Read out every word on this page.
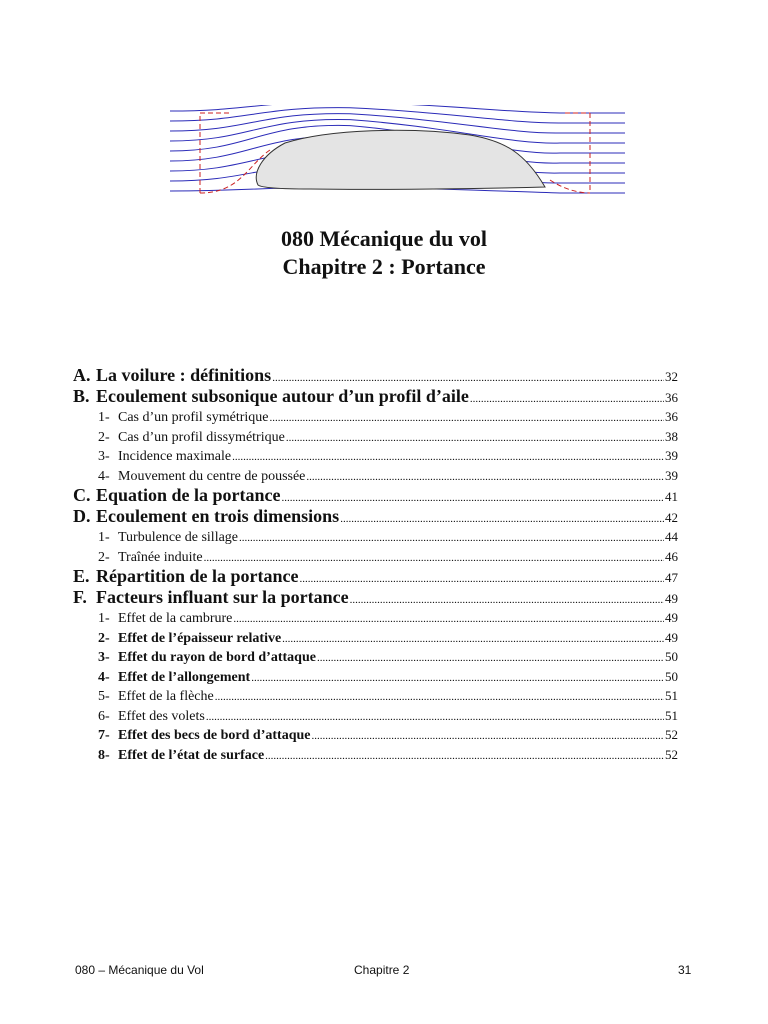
080 Mécanique du vol
Chapitre 2 : Portance
A. La voilure : définitions .....	32
B. Ecoulement subsonique autour d’un profil d’aile .....	36
1- Cas d’un profil symétrique .....	36
2- Cas d’un profil dissymétrique .....	38
3- Incidence maximale .....	39
4- Mouvement du centre de poussée .....	39
C. Equation de la portance .....	41
D. Ecoulement en trois dimensions .....	42
1- Turbulence de sillage .....	44
2- Traînée induite .....	46
E. Répartition de la portance .....	47
F. Facteurs influant sur la portance .....	49
1- Effet de la cambrure .....	49
2- Effet de l’épaisseur relative .....	49
3- Effet du rayon de bord d’attaque .....	50
4- Effet de l’allongement .....	50
5- Effet de la flèche .....	51
6- Effet des volets .....	51
7- Effet des becs de bord d’attaque .....	52
8- Effet de l’état de surface .....	52
080 – Mécanique du Vol	Chapitre 2	31
